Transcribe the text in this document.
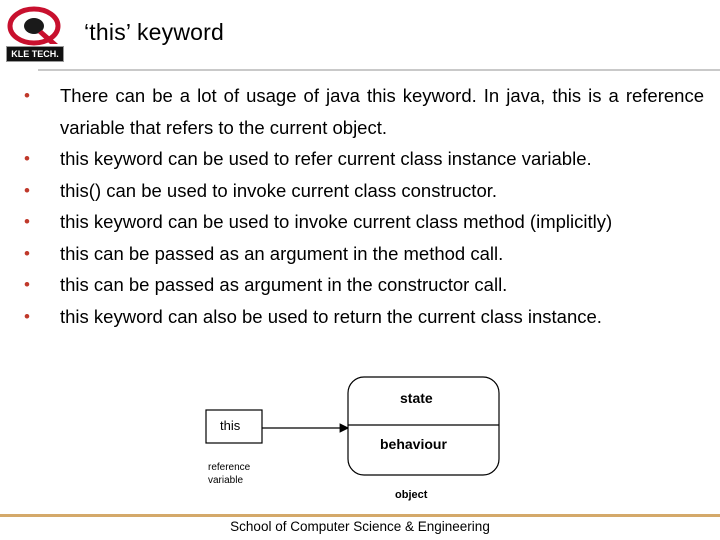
KLE TECH.
‘this’ keyword
• There can be a lot of usage of java this keyword. In java, this is a reference variable that refers to the current object.
• this keyword can be used to refer current class instance variable.
• this() can be used to invoke current class constructor.
• this keyword can be used to invoke current class method (implicitly)
• this can be passed as an argument in the method call.
• this can be passed as argument in the constructor call.
• this keyword can also be used to return the current class instance.
this
reference
variable
state
behaviour
object
School of Computer Science & Engineering
